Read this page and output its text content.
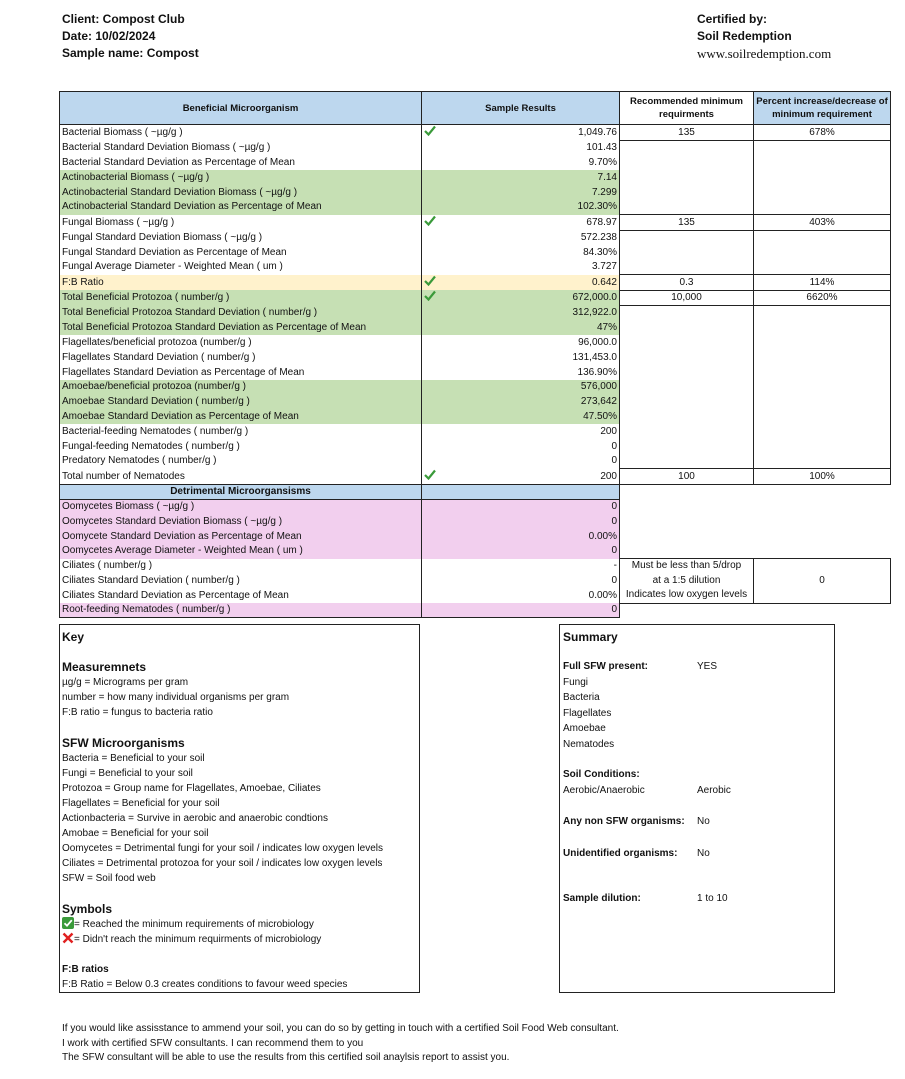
Client: Compost Club
Date: 10/02/2024
Sample name: Compost
Certified by:
Soil Redemption
www.soilredemption.com
Beneficial Microorganism	Sample Results		Recommended minimum requirments	Percent increase/decrease of minimum requirement
Bacterial Biomass ( ~µg/g )		1,049.76	135	678%
Bacterial Standard Deviation Biomass ( ~µg/g )		101.43		
Bacterial Standard Deviation as Percentage of Mean		9.70%		
Actinobacterial Biomass ( ~µg/g )		7.14		
Actinobacterial Standard Deviation Biomass ( ~µg/g )		7.299		
Actinobacterial Standard Deviation as Percentage of Mean		102.30%		
Fungal Biomass ( ~µg/g )		678.97	135	403%
Fungal Standard Deviation Biomass ( ~µg/g )		572.238		
Fungal Standard Deviation as Percentage of Mean		84.30%		
Fungal Average Diameter - Weighted Mean ( um )		3.727		
F:B Ratio		0.642	0.3	114%
Total Beneficial Protozoa ( number/g )		672,000.0	10,000	6620%
Total Beneficial Protozoa Standard Deviation ( number/g )		312,922.0		
Total Beneficial Protozoa Standard Deviation as Percentage of Mean		47%		
Flagellates/beneficial protozoa (number/g )		96,000.0		
Flagellates Standard Deviation ( number/g )		131,453.0		
Flagellates Standard Deviation as Percentage of Mean		136.90%		
Amoebae/beneficial protozoa (number/g )		576,000		
Amoebae Standard Deviation ( number/g )		273,642		
Amoebae Standard Deviation as Percentage of Mean		47.50%		
Bacterial-feeding Nematodes ( number/g )		200		
Fungal-feeding Nematodes ( number/g )		0		
Predatory Nematodes ( number/g )		0		
Total number of Nematodes		200	100	100%
Detrimental Microorgansisms				
Oomycetes Biomass ( ~µg/g )		0		
Oomycetes Standard Deviation Biomass ( ~µg/g )		0		
Oomycete Standard Deviation as Percentage of Mean		0.00%		
Oomycetes Average Diameter - Weighted Mean ( um )		0		
Ciliates ( number/g )		-	Must be less than 5/drop
at a 1:5 dilution
Indicates low oxygen levels	0
Ciliates Standard Deviation ( number/g )		0		
Ciliates Standard Deviation as Percentage of Mean		0.00%		
Root-feeding Nematodes ( number/g )		0		
Key
Measuremnets
µg/g = Micrograms per gram
number = how many individual organisms per gram
F:B ratio = fungus to bacteria ratio
SFW Microorganisms
Bacteria = Beneficial to your soil
Fungi = Beneficial to your soil
Protozoa = Group name for Flagellates, Amoebae, Ciliates
Flagellates = Beneficial for your soil
Actionbacteria = Survive in aerobic and anaerobic condtions
Amobae = Beneficial for your soil
Oomycetes = Detrimental fungi for your soil / indicates low oxygen levels
Ciliates = Detrimental protozoa for your soil / indicates low oxygen levels
SFW = Soil food web
Symbols
= Reached the minimum requirements of microbiology
= Didn't reach the minimum requirments of microbiology
F:B ratios
F:B Ratio = Below 0.3 creates conditions to favour weed species
Summary
Full SFW present:	YES
Fungi
Bacteria
Flagellates
Amoebae
Nematodes
Soil Conditions:
Aerobic/Anaerobic	Aerobic
Any non SFW organisms:	No
Unidentified organisms:	No
Sample dilution:	1 to 10
If you would like assisstance to ammend your soil, you can do so by getting in touch with a certified Soil Food Web consultant.
I work with certified SFW consultants. I can recommend them to you
The SFW consultant will be able to use the results from this certified soil anaylsis report to assist you.
